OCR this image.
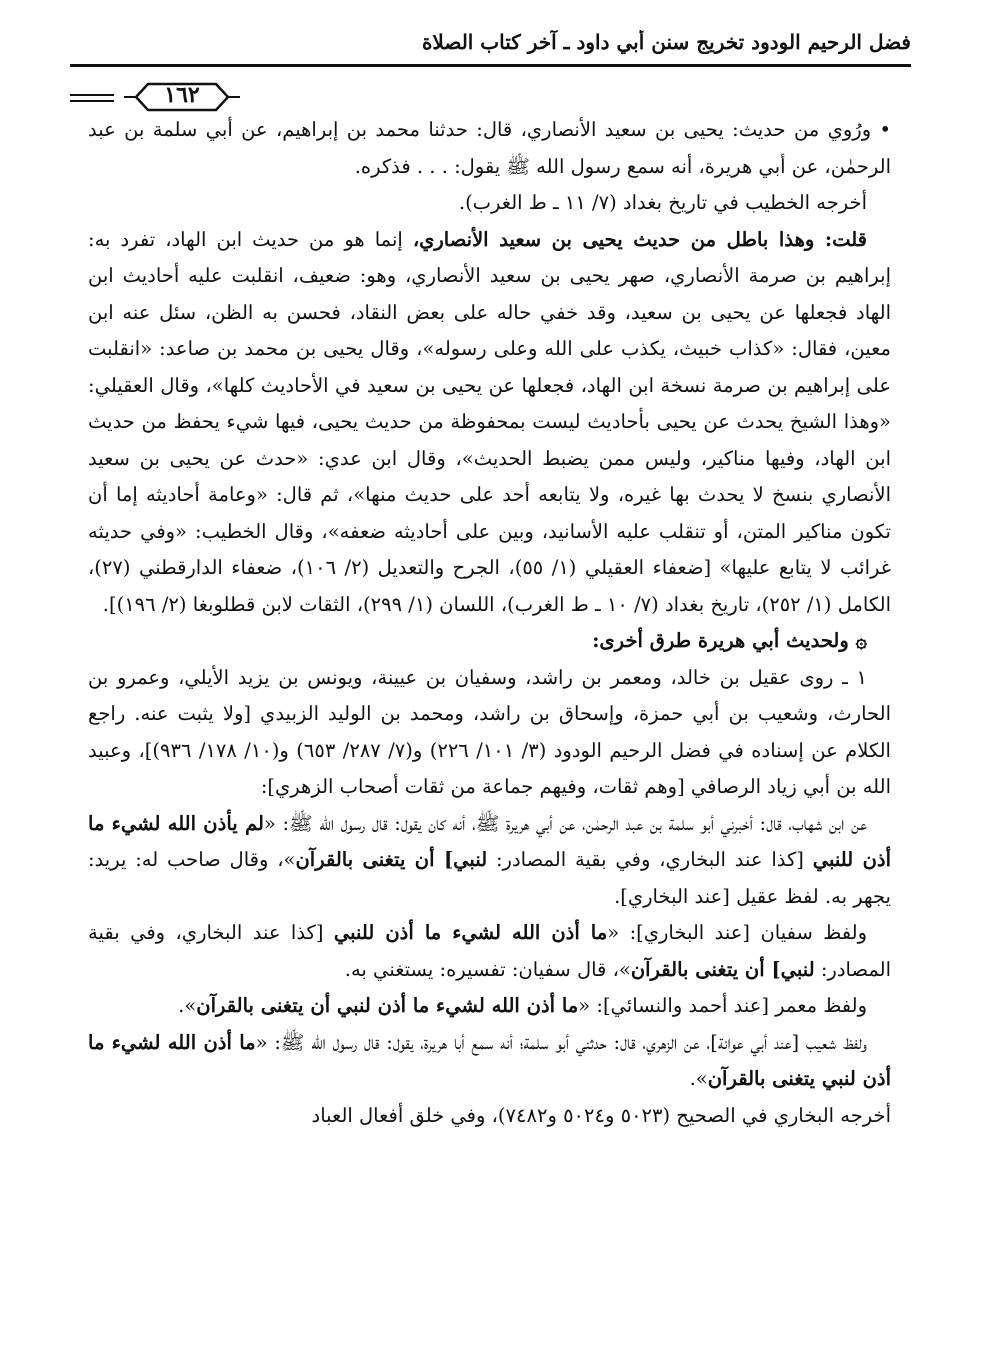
فضل الرحيم الودود تخريج سنن أبي داود ـ آخر كتاب الصلاة
١٦٢

• ورُوي من حديث: يحيى بن سعيد الأنصاري، قال: حدثنا محمد بن إبراهيم، عن أبي سلمة بن عبد الرحمٰن، عن أبي هريرة، أنه سمع رسول الله ﷺ يقول: . . . فذكره.

أخرجه الخطيب في تاريخ بغداد (٧/ ١١ ـ ط الغرب).

قلت: وهذا باطل من حديث يحيى بن سعيد الأنصاري، إنما هو من حديث ابن الهاد، تفرد به: إبراهيم بن صرمة الأنصاري، صهر يحيى بن سعيد الأنصاري، وهو: ضعيف، انقلبت عليه أحاديث ابن الهاد فجعلها عن يحيى بن سعيد، وقد خفي حاله على بعض النقاد، فحسن به الظن، سئل عنه ابن معين، فقال: «كذاب خبيث، يكذب على الله وعلى رسوله»، وقال يحيى بن محمد بن صاعد: «انقلبت على إبراهيم بن صرمة نسخة ابن الهاد، فجعلها عن يحيى بن سعيد في الأحاديث كلها»، وقال العقيلي: «وهذا الشيخ يحدث عن يحيى بأحاديث ليست بمحفوظة من حديث يحيى، فيها شيء يحفظ من حديث ابن الهاد، وفيها مناكير، وليس ممن يضبط الحديث»، وقال ابن عدي: «حدث عن يحيى بن سعيد الأنصاري بنسخ لا يحدث بها غيره، ولا يتابعه أحد على حديث منها»، ثم قال: «وعامة أحاديثه إما أن تكون مناكير المتن، أو تنقلب عليه الأسانيد، وبين على أحاديثه ضعفه»، وقال الخطيب: «وفي حديثه غرائب لا يتابع عليها» [ضعفاء العقيلي (١/ ٥٥)، الجرح والتعديل (٢/ ١٠٦)، ضعفاء الدارقطني (٢٧)، الكامل (١/ ٢٥٢)، تاريخ بغداد (٧/ ١٠ ـ ط الغرب)، اللسان (١/ ٢٩٩)، الثقات لابن قطلوبغا (٢/ ١٩٦)].

۞ ولحديث أبي هريرة طرق أخرى:

١ ـ روى عقيل بن خالد، ومعمر بن راشد، وسفيان بن عيينة، ويونس بن يزيد الأيلي، وعمرو بن الحارث، وشعيب بن أبي حمزة، وإسحاق بن راشد، ومحمد بن الوليد الزبيدي [ولا يثبت عنه. راجع الكلام عن إسناده في فضل الرحيم الودود (٣/ ١٠١/ ٢٢٦) و(٧/ ٢٨٧/ ٦٥٣) و(١٠/ ١٧٨/ ٩٣٦)]، وعبيد الله بن أبي زياد الرصافي [وهم ثقات، وفيهم جماعة من ثقات أصحاب الزهري]:

عن ابن شهاب، قال: أخبرني أبو سلمة بن عبد الرحمٰن، عن أبي هريرة ﷺ، أنه كان يقول: قال رسول الله ﷺ: «لم يأذن الله لشيء ما أذن للنبي [كذا عند البخاري، وفي بقية المصادر: لنبي] أن يتغنى بالقرآن»، وقال صاحب له: يريد: يجهر به. لفظ عقيل [عند البخاري].

ولفظ سفيان [عند البخاري]: «ما أذن الله لشيء ما أذن للنبي [كذا عند البخاري، وفي بقية المصادر: لنبي] أن يتغنى بالقرآن»، قال سفيان: تفسيره: يستغني به.

ولفظ معمر [عند أحمد والنسائي]: «ما أذن الله لشيء ما أذن لنبي أن يتغنى بالقرآن».

ولفظ شعيب [عند أبي عوانة]، عن الزهري، قال: حدثني أبو سلمة؛ أنه سمع أبا هريرة، يقول: قال رسول الله ﷺ: «ما أذن الله لشيء ما أذن لنبي يتغنى بالقرآن».

أخرجه البخاري في الصحيح (٥٠٢٣ و٥٠٢٤ و٧٤٨٢)، وفي خلق أفعال العباد
